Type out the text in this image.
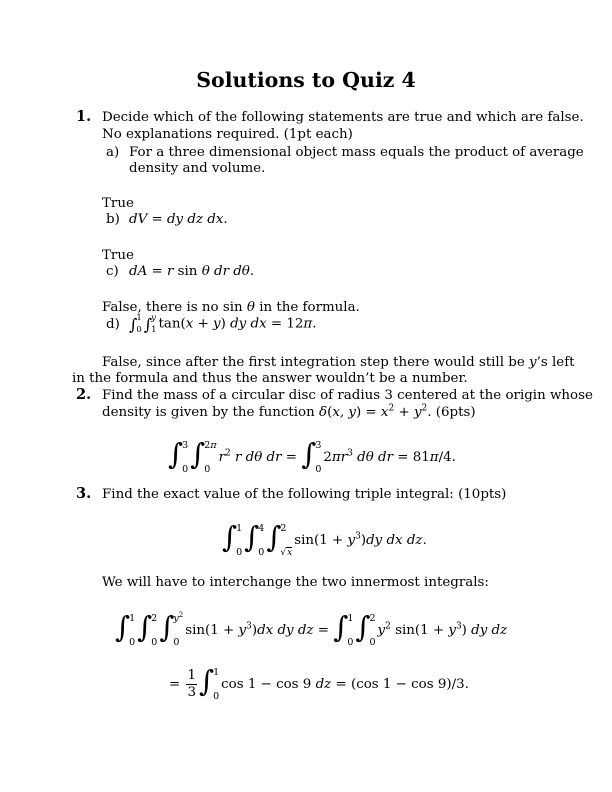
Solutions to Quiz 4
1. Decide which of the following statements are true and which are false.
No explanations required. (1pt each)
a) For a three dimensional object mass equals the product of average
density and volume.
True
b) dV = dy dz dx.
True
c) dA = r sin θ dr dθ.
False, there is no sin θ in the formula.
d) ∫ 1
0 ∫ y
1 tan(x + y) dy dx = 12π.
False, since after the first integration step there would still be y’s left
in the formula and thus the answer wouldn’t be a number.
2. Find the mass of a circular disc of radius 3 centered at the origin whose
density is given by the function δ(x, $y) = x^2 + y^2$. (6pts)
∫ 3
0 ∫ 2π
0
$r^2$ r dθ dr = ∫ 3
0
$2\pi r^3$ dθ dr = 81π/4.
3. Find the exact value of the following triple integral: (10pts)
∫ 1
0 ∫ 4
0 ∫ 2
√x
$\sin(1 + y^3)dy$ dx dz.
We will have to interchange the two innermost integrals:
∫ 1
0 ∫ 2
0 ∫ $y^2$
0
$\sin(1 + y^3)dx$ dy dz = ∫ 1
0 ∫ 2
0
$y^2$ $\sin(1 + y^3)$ dy dz
= $\frac{1}{3}$ ∫ 1
0
cos 1 − cos 9 dz = (cos 1 − cos 9)/3.
